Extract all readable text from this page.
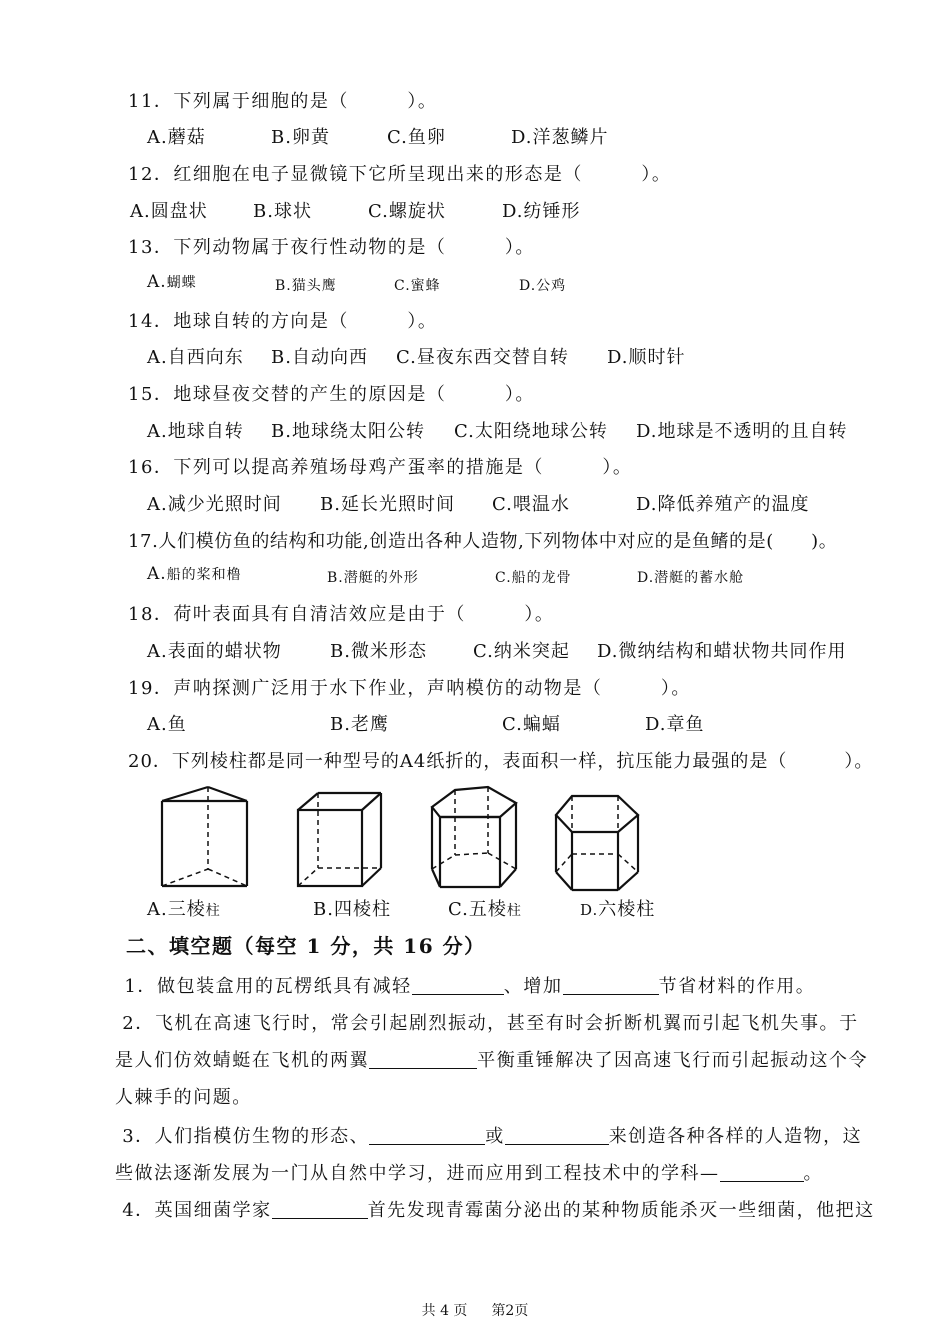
11．下列属于细胞的是（　　　）。
A.蘑菇	B.卵黄	C.鱼卵	D.洋葱鳞片
12．红细胞在电子显微镜下它所呈现出来的形态是（　　　）。
A.圆盘状	B.球状	C.螺旋状	D.纺锤形
13．下列动物属于夜行性动物的是（　　　）。
A.蝴蝶	B.猫头鹰	C.蜜蜂	D.公鸡
14．地球自转的方向是（　　　）。
A.自西向东 B.自动向西 C.昼夜东西交替自转 D.顺时针
15．地球昼夜交替的产生的原因是（　　　）。
A.地球自转 B.地球绕太阳公转 C.太阳绕地球公转 D.地球是不透明的且自转
16．下列可以提高养殖场母鸡产蛋率的措施是（　　　）。
A.减少光照时间 B.延长光照时间 C.喂温水	D.降低养殖产的温度
17.人们模仿鱼的结构和功能,创造出各种人造物,下列物体中对应的是鱼鳍的是(　　)。
A.船的桨和橹	B.潜艇的外形	C.船的龙骨	D.潜艇的蓄水舱
18．荷叶表面具有自清洁效应是由于（　　　）。
A.表面的蜡状物	B.微米形态	C.纳米突起 D.微纳结构和蜡状物共同作用
19．声呐探测广泛用于水下作业，声呐模仿的动物是（　　　）。
A.鱼	B.老鹰	C.蝙蝠	D.章鱼
20．下列棱柱都是同一种型号的A4纸折的，表面积一样，抗压能力最强的是（　　　）。
A.三棱柱	B.四棱柱	C.五棱柱	D.六棱柱
二、填空题（每空 1 分，共 16 分）
1．做包装盒用的瓦楞纸具有减轻	、增加	节省材料的作用。
2．飞机在高速飞行时，常会引起剧烈振动，甚至有时会折断机翼而引起飞机失事。于是人们仿效蜻蜓在飞机的两翼	平衡重锤解决了因高速飞行而引起振动这个令人棘手的问题。
3．人们指模仿生物的形态、	或	来创造各种各样的人造物，这些做法逐渐发展为一门从自然中学习，进而应用到工程技术中的学科—	。
4．英国细菌学家	首先发现青霉菌分泌出的某种物质能杀灭一些细菌，他把这
共 4 页 第2页
